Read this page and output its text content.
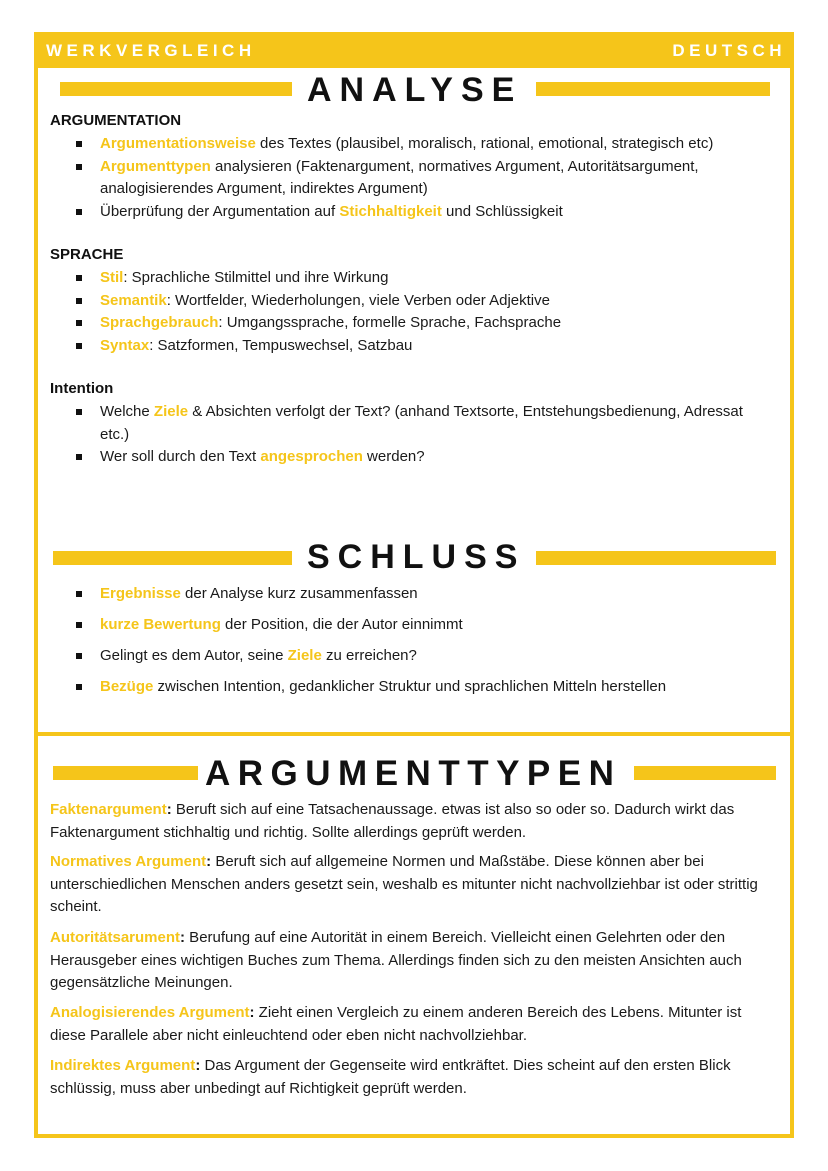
WERKVERGLEICH	DEUTSCH
ANALYSE
ARGUMENTATION
Argumentationsweise des Textes (plausibel, moralisch, rational, emotional, strategisch etc)
Argumenttypen analysieren (Faktenargument, normatives Argument, Autoritätsargument, analogisierendes Argument, indirektes Argument)
Überprüfung der Argumentation auf Stichhaltigkeit und Schlüssigkeit
SPRACHE
Stil: Sprachliche Stilmittel und ihre Wirkung
Semantik: Wortfelder, Wiederholungen, viele Verben oder Adjektive
Sprachgebrauch: Umgangssprache, formelle Sprache, Fachsprache
Syntax: Satzformen, Tempuswechsel, Satzbau
Intention
Welche Ziele & Absichten verfolgt der Text? (anhand Textsorte, Entstehungsbedienung, Adressat etc.)
Wer soll durch den Text angesprochen werden?
SCHLUSS
Ergebnisse der Analyse kurz zusammenfassen
kurze Bewertung der Position, die der Autor einnimmt
Gelingt es dem Autor, seine Ziele zu erreichen?
Bezüge zwischen Intention, gedanklicher Struktur und sprachlichen Mitteln herstellen
ARGUMENTTYPEN

Faktenargument: Beruft sich auf eine Tatsachenaussage. etwas ist also so oder so. Dadurch wirkt das Faktenargument stichhaltig und richtig. Sollte allerdings geprüft werden.

Normatives Argument: Beruft sich auf allgemeine Normen und Maßstäbe. Diese können aber bei unterschiedlichen Menschen anders gesetzt sein, weshalb es mitunter nicht nachvollziehbar ist oder strittig scheint.

Autoritätsarument: Berufung auf eine Autorität in einem Bereich. Vielleicht einen Gelehrten oder den Herausgeber eines wichtigen Buches zum Thema. Allerdings finden sich zu den meisten Ansichten auch gegensätzliche Meinungen.

Analogisierendes Argument: Zieht einen Vergleich zu einem anderen Bereich des Lebens. Mitunter ist diese Parallele aber nicht einleuchtend oder eben nicht nachvollziehbar.

Indirektes Argument: Das Argument der Gegenseite wird entkräftet. Dies scheint auf den ersten Blick schlüssig, muss aber unbedingt auf Richtigkeit geprüft werden.
